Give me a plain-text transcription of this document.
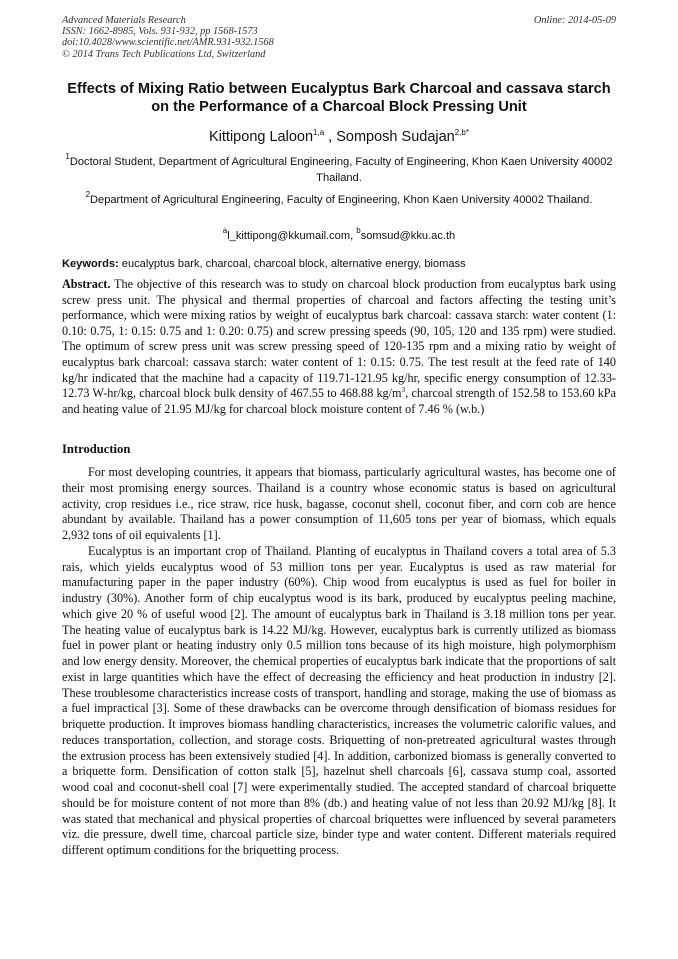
Advanced Materials Research
ISSN: 1662-8985, Vols. 931-932, pp 1568-1573
doi:10.4028/www.scientific.net/AMR.931-932.1568
© 2014 Trans Tech Publications Ltd, Switzerland
Online: 2014-05-09
Effects of Mixing Ratio between Eucalyptus Bark Charcoal and cassava starch on the Performance of a Charcoal Block Pressing Unit
Kittipong Laloon$^{1,a}$ , Somposh Sudajan$^{2,b*}$
$^1$Doctoral Student, Department of Agricultural Engineering, Faculty of Engineering, Khon Kaen University 40002 Thailand.
$^2$Department of Agricultural Engineering, Faculty of Engineering, Khon Kaen University 40002 Thailand.
$^a$l_kittipong@kkumail.com, $^b$somsud@kku.ac.th
Keywords: eucalyptus bark, charcoal, charcoal block, alternative energy, biomass

Abstract. The objective of this research was to study on charcoal block production from eucalyptus bark using screw press unit. The physical and thermal properties of charcoal and factors affecting the testing unit’s performance, which were mixing ratios by weight of eucalyptus bark charcoal: cassava starch: water content (1: 0.10: 0.75, 1: 0.15: 0.75 and 1: 0.20: 0.75) and screw pressing speeds (90, 105, 120 and 135 rpm) were studied. The optimum of screw press unit was screw pressing speed of 120-135 rpm and a mixing ratio by weight of eucalyptus bark charcoal: cassava starch: water content of 1: 0.15: 0.75. The test result at the feed rate of 140 kg/hr indicated that the machine had a capacity of 119.71-121.95 kg/hr, specific energy consumption of 12.33-12.73 W-hr/kg, charcoal block bulk density of 467.55 to 468.88 $kg/m^3$, charcoal strength of 152.58 to 153.60 kPa and heating value of 21.95 MJ/kg for charcoal block moisture content of 7.46 % (w.b.)

Introduction

For most developing countries, it appears that biomass, particularly agricultural wastes, has become one of their most promising energy sources. Thailand is a country whose economic status is based on agricultural activity, crop residues i.e., rice straw, rice husk, bagasse, coconut shell, coconut fiber, and corn cob are hence abundant by available. Thailand has a power consumption of 11,605 tons per year of biomass, which equals 2,932 tons of oil equivalents [1].

Eucalyptus is an important crop of Thailand. Planting of eucalyptus in Thailand covers a total area of 5.3 rais, which yields eucalyptus wood of 53 million tons per year. Eucalyptus is used as raw material for manufacturing paper in the paper industry (60%). Chip wood from eucalyptus is used as fuel for boiler in industry (30%). Another form of chip eucalyptus wood is its bark, produced by eucalyptus peeling machine, which give 20 % of useful wood [2]. The amount of eucalyptus bark in Thailand is 3.18 million tons per year. The heating value of eucalyptus bark is 14.22 MJ/kg. However, eucalyptus bark is currently utilized as biomass fuel in power plant or heating industry only 0.5 million tons because of its high moisture, high polymorphism and low energy density. Moreover, the chemical properties of eucalyptus bark indicate that the proportions of salt exist in large quantities which have the effect of decreasing the efficiency and heat production in industry [2]. These troublesome characteristics increase costs of transport, handling and storage, making the use of biomass as a fuel impractical [3]. Some of these drawbacks can be overcome through densification of biomass residues for briquette production. It improves biomass handling characteristics, increases the volumetric calorific values, and reduces transportation, collection, and storage costs. Briquetting of non-pretreated agricultural wastes through the extrusion process has been extensively studied [4]. In addition, carbonized biomass is generally converted to a briquette form. Densification of cotton stalk [5], hazelnut shell charcoals [6], cassava stump coal, assorted wood coal and coconut-shell coal [7] were experimentally studied. The accepted standard of charcoal briquette should be for moisture content of not more than 8% (db.) and heating value of not less than 20.92 MJ/kg [8]. It was stated that mechanical and physical properties of charcoal briquettes were influenced by several parameters viz. die pressure, dwell time, charcoal particle size, binder type and water content. Different materials required different optimum conditions for the briquetting process.
